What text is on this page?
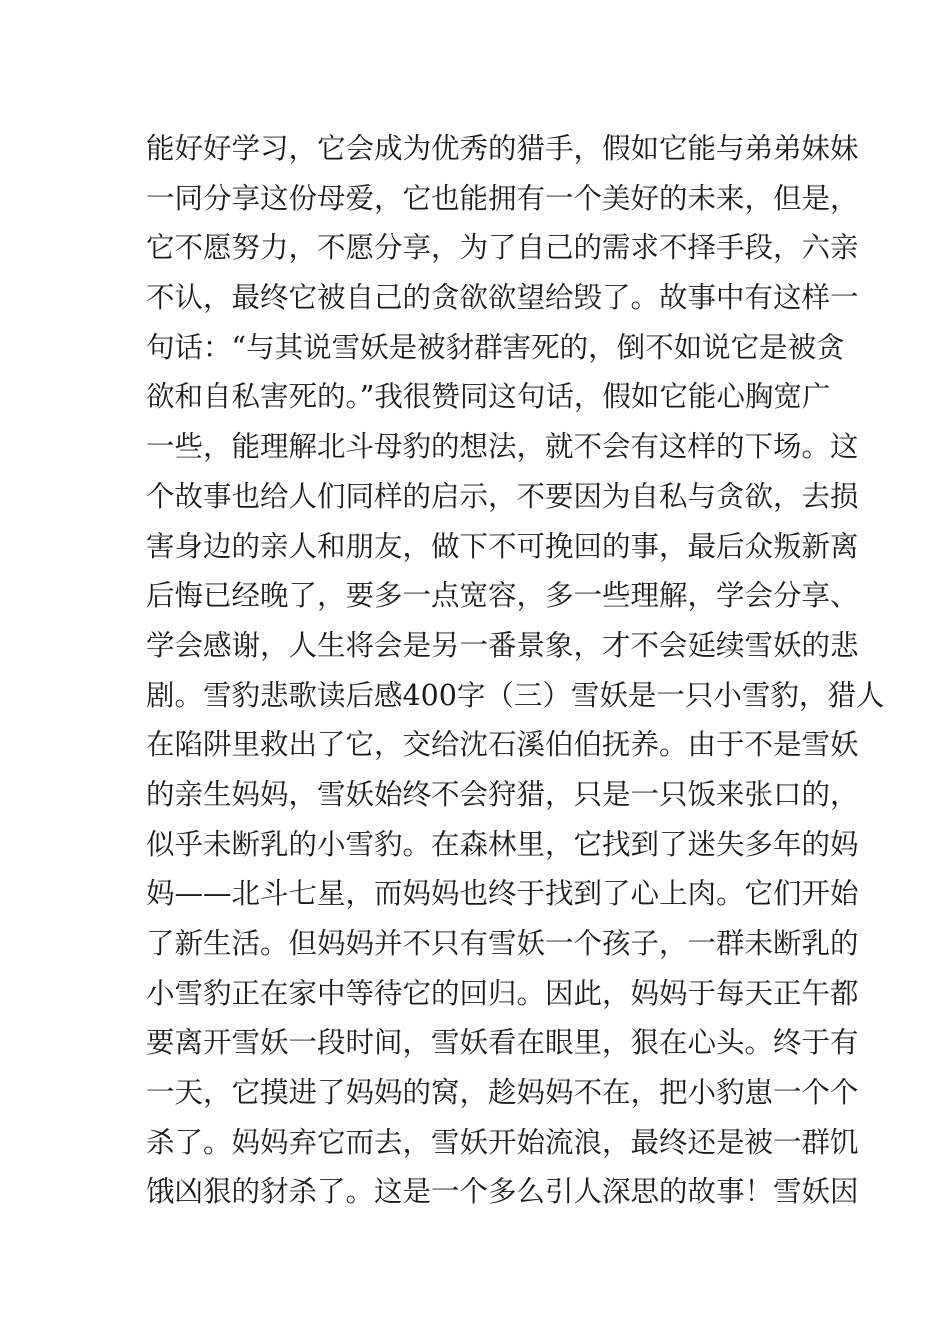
能好好学习，它会成为优秀的猎手，假如它能与弟弟妹妹
一同分享这份母爱，它也能拥有一个美好的未来，但是，
它不愿努力，不愿分享，为了自己的需求不择手段，六亲
不认，最终它被自己的贪欲欲望给毁了。故事中有这样一
句话：“与其说雪妖是被豺群害死的，倒不如说它是被贪
欲和自私害死的。”我很赞同这句话，假如它能心胸宽广
一些，能理解北斗母豹的想法，就不会有这样的下场。这
个故事也给人们同样的启示，不要因为自私与贪欲，去损
害身边的亲人和朋友，做下不可挽回的事，最后众叛新离
后悔已经晚了，要多一点宽容，多一些理解，学会分享、
学会感谢，人生将会是另一番景象，才不会延续雪妖的悲
剧。雪豹悲歌读后感400字（三）雪妖是一只小雪豹，猎人
在陷阱里救出了它，交给沈石溪伯伯抚养。由于不是雪妖
的亲生妈妈，雪妖始终不会狩猎，只是一只饭来张口的，
似乎未断乳的小雪豹。在森林里，它找到了迷失多年的妈
妈——北斗七星，而妈妈也终于找到了心上肉。它们开始
了新生活。但妈妈并不只有雪妖一个孩子，一群未断乳的
小雪豹正在家中等待它的回归。因此，妈妈于每天正午都
要离开雪妖一段时间，雪妖看在眼里，狠在心头。终于有
一天，它摸进了妈妈的窝，趁妈妈不在，把小豹崽一个个
杀了。妈妈弃它而去，雪妖开始流浪，最终还是被一群饥
饿凶狠的豺杀了。这是一个多么引人深思的故事！雪妖因
